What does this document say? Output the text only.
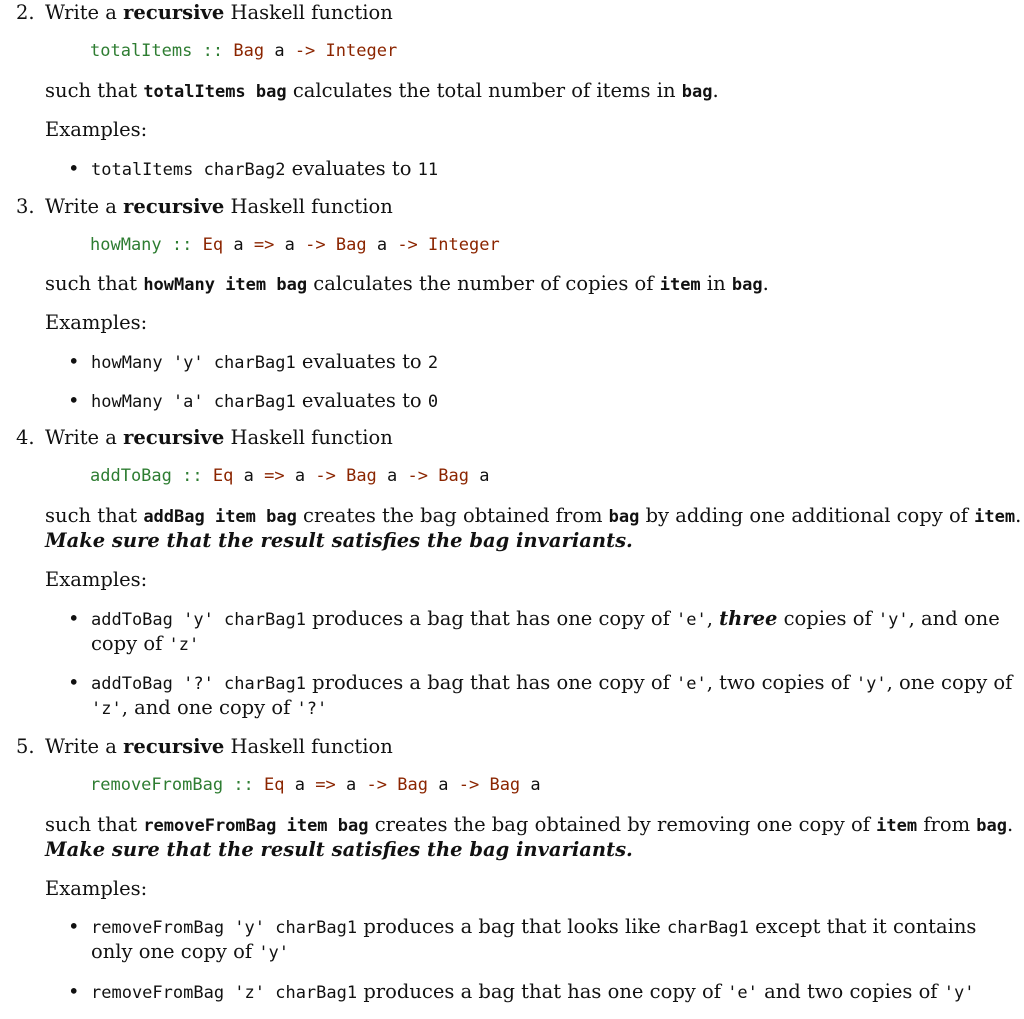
2. Write a recursive Haskell function
totalItems :: Bag a -> Integer
such that totalItems bag calculates the total number of items in bag.
Examples:
• totalItems charBag2 evaluates to 11
3. Write a recursive Haskell function
howMany :: Eq a => a -> Bag a -> Integer
such that howMany item bag calculates the number of copies of item in bag.
Examples:
• howMany 'y' charBag1 evaluates to 2
• howMany 'a' charBag1 evaluates to 0
4. Write a recursive Haskell function
addToBag :: Eq a => a -> Bag a -> Bag a
such that addBag item bag creates the bag obtained from bag by adding one additional copy of item.
Make sure that the result satisfies the bag invariants.
Examples:
• addToBag 'y' charBag1 produces a bag that has one copy of 'e', three copies of 'y', and one
copy of 'z'
• addToBag '?' charBag1 produces a bag that has one copy of 'e', two copies of 'y', one copy of
'z', and one copy of '?'
5. Write a recursive Haskell function
removeFromBag :: Eq a => a -> Bag a -> Bag a
such that removeFromBag item bag creates the bag obtained by removing one copy of item from bag.
Make sure that the result satisfies the bag invariants.
Examples:
• removeFromBag 'y' charBag1 produces a bag that looks like charBag1 except that it contains
only one copy of 'y'
• removeFromBag 'z' charBag1 produces a bag that has one copy of 'e' and two copies of 'y'
